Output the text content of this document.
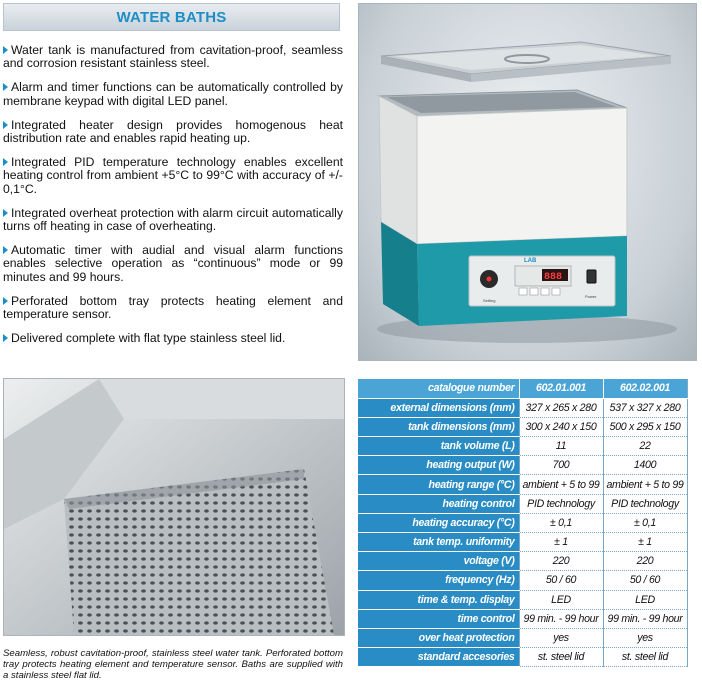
WATER BATHS

Water tank is manufactured from cavitation-proof, seamless and corrosion resistant stainless steel.

Alarm and timer functions can be automatically controlled by membrane keypad with digital LED panel.

Integrated heater design provides homogenous heat distribution rate and enables rapid heating up.

Integrated PID temperature technology enables excellent heating control from ambient +5°C to 99°C with accuracy of +/- 0,1°C.

Integrated overheat protection with alarm circuit automatically turns off heating in case of overheating.

Automatic timer with audial and visual alarm functions enables selective operation as “continuous” mode or 99 minutes and 99 hours.

Perforated bottom tray protects heating element and temperature sensor.

Delivered complete with flat type stainless steel lid.

Setting
888
LAB
Power
Seamless, robust cavitation-proof, stainless steel water tank. Perforated bottom tray protects heating element and temperature sensor. Baths are supplied with a stainless steel flat lid.
catalogue number	602.01.001	602.02.001
external dimensions (mm)	327 x 265 x 280	537 x 327 x 280
tank dimensions (mm)	300 x 240 x 150	500 x 295 x 150
tank volume (L)	11	22
heating output (W)	700	1400
heating range (°C)	ambient + 5 to 99	ambient + 5 to 99
heating control	PID technology	PID technology
heating accuracy (°C)	± 0,1	± 0,1
tank temp. uniformity	± 1	± 1
voltage (V)	220	220
frequency (Hz)	50 / 60	50 / 60
time & temp. display	LED	LED
time control	99 min. - 99 hour	99 min. - 99 hour
over heat protection	yes	yes
standard accesories	st. steel lid	st. steel lid
